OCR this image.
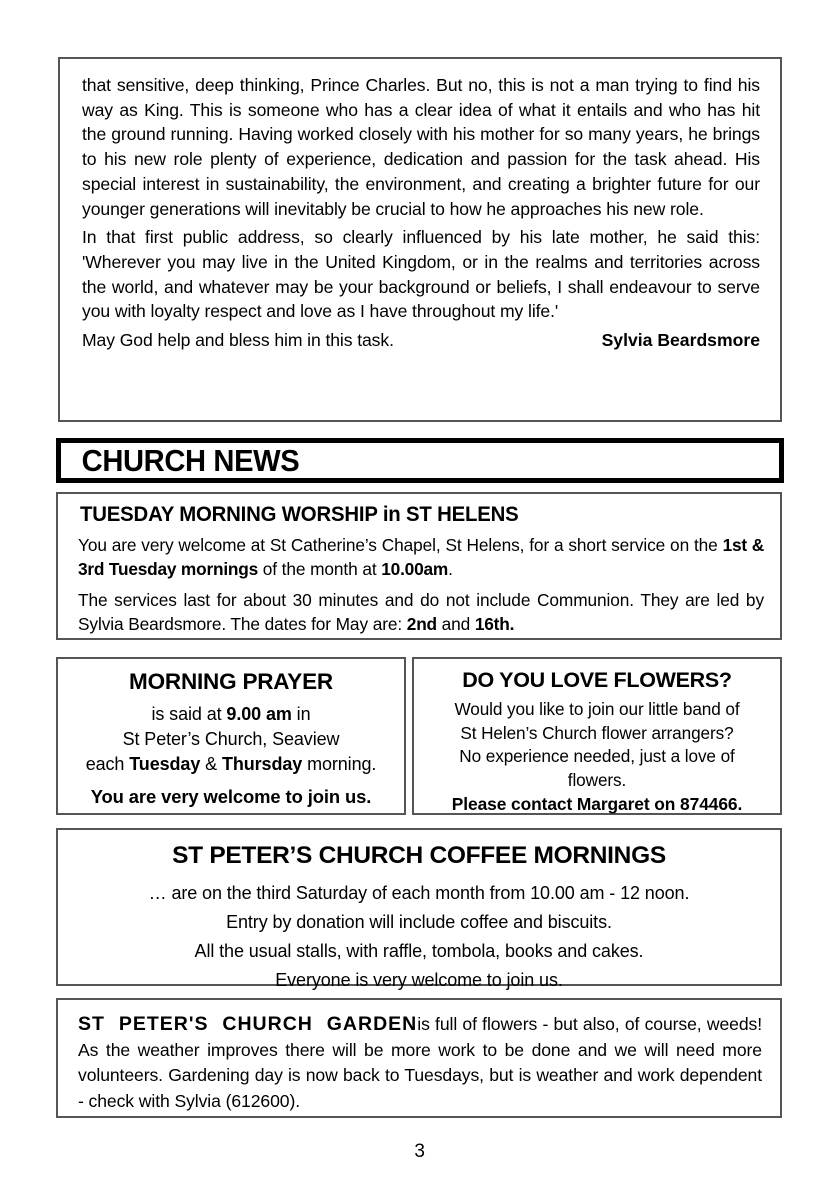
that sensitive, deep thinking, Prince Charles. But no, this is not a man trying to find his way as King. This is someone who has a clear idea of what it entails and who has hit the ground running. Having worked closely with his mother for so many years, he brings to his new role plenty of experience, dedication and passion for the task ahead. His special interest in sustainability, the environment, and creating a brighter future for our younger generations will inevitably be crucial to how he approaches his new role.

In that first public address, so clearly influenced by his late mother, he said this: 'Wherever you may live in the United Kingdom, or in the realms and territories across the world, and whatever may be your background or beliefs, I shall endeavour to serve you with loyalty respect and love as I have throughout my life.'

Sylvia Beardsmore
May God help and bless him in this task.

CHURCH NEWS
TUESDAY MORNING WORSHIP in ST HELENS

You are very welcome at St Catherine’s Chapel, St Helens, for a short service on the 1st & 3rd Tuesday mornings of the month at 10.00am.

The services last for about 30 minutes and do not include Communion. They are led by Sylvia Beardsmore. The dates for May are: 2nd and 16th.

MORNING PRAYER

is said at 9.00 am in

St Peter’s Church, Seaview

each Tuesday & Thursday morning.

You are very welcome to join us.

DO YOU LOVE FLOWERS?

Would you like to join our little band of

St Helen’s Church flower arrangers?

No experience needed, just a love of

flowers.

Please contact Margaret on 874466.

ST PETER’S CHURCH COFFEE MORNINGS

… are on the third Saturday of each month from 10.00 am - 12 noon.

Entry by donation will include coffee and biscuits.

All the usual stalls, with raffle, tombola, books and cakes.

Everyone is very welcome to join us.

ST PETER'S CHURCH GARDENis full of flowers - but also, of course, weeds! As the weather improves there will be more work to be done and we will need more volunteers. Gardening day is now back to Tuesdays, but is weather and work dependent - check with Sylvia (612600).

3
